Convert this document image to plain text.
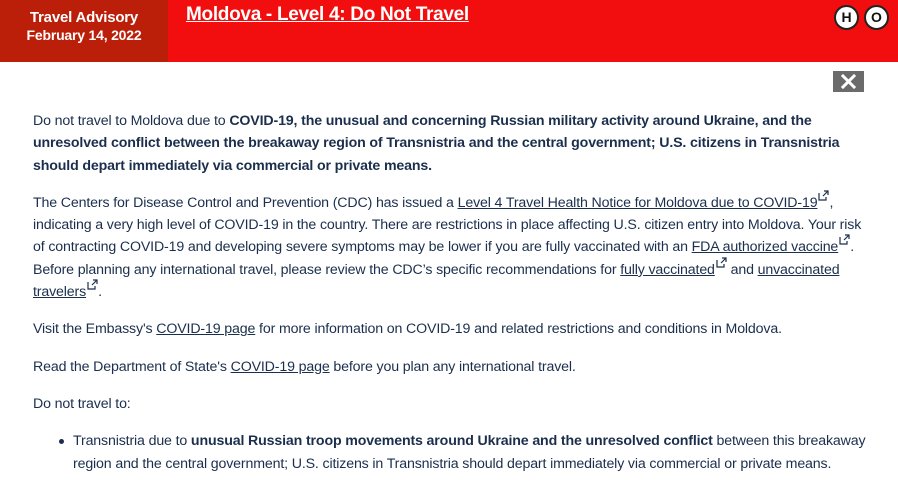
Travel Advisory
February 14, 2022
Moldova - Level 4: Do Not Travel	H	O

Do not travel to Moldova due to COVID-19, the unusual and concerning Russian military activity around Ukraine, and the unresolved conflict between the breakaway region of Transnistria and the central government; U.S. citizens in Transnistria should depart immediately via commercial or private means.

The Centers for Disease Control and Prevention (CDC) has issued a Level 4 Travel Health Notice for Moldova due to COVID-19 , indicating a very high level of COVID-19 in the country. There are restrictions in place affecting U.S. citizen entry into Moldova. Your risk of contracting COVID-19 and developing severe symptoms may be lower if you are fully vaccinated with an FDA authorized vaccine . Before planning any international travel, please review the CDC’s specific recommendations for fully vaccinated and unvaccinated travelers .

Visit the Embassy's COVID-19 page for more information on COVID-19 and related restrictions and conditions in Moldova.

Read the Department of State's COVID-19 page before you plan any international travel.

Do not travel to:

Transnistria due to unusual Russian troop movements around Ukraine and the unresolved conflict between this breakaway region and the central government; U.S. citizens in Transnistria should depart immediately via commercial or private means.
